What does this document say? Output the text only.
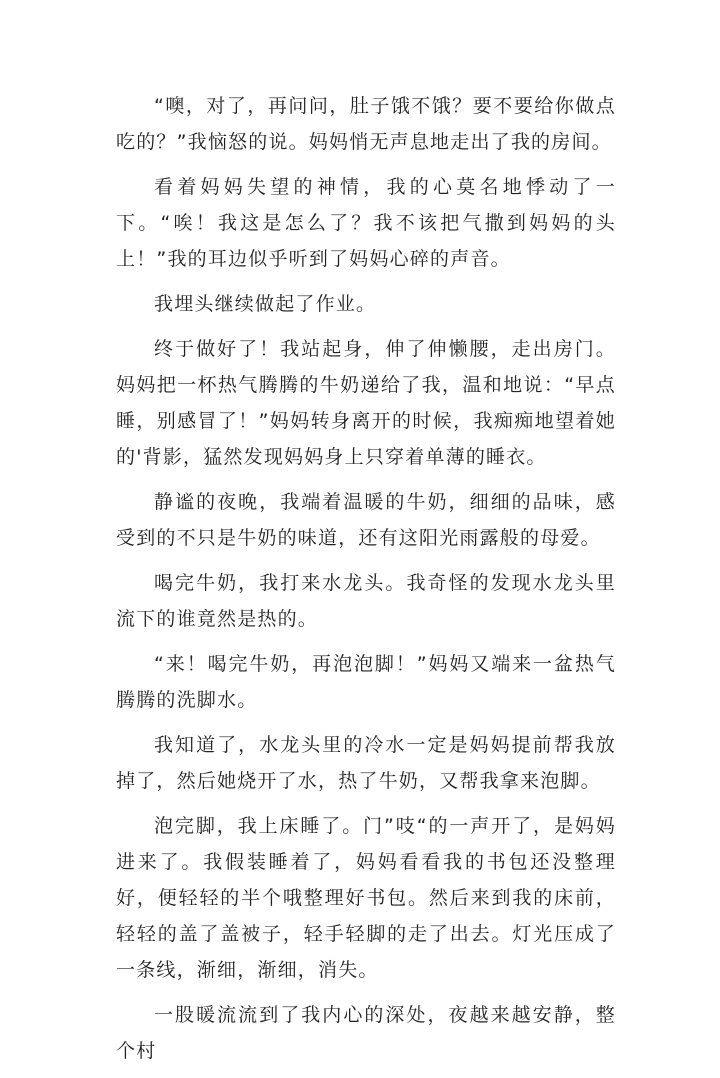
“噢，对了，再问问，肚子饿不饿？要不要给你做点吃的？”我恼怒的说。妈妈悄无声息地走出了我的房间。

看着妈妈失望的神情，我的心莫名地悸动了一下。“唉！我这是怎么了？我不该把气撒到妈妈的头上！”我的耳边似乎听到了妈妈心碎的声音。

我埋头继续做起了作业。

终于做好了！我站起身，伸了伸懒腰，走出房门。妈妈把一杯热气腾腾的牛奶递给了我，温和地说：“早点睡，别感冒了！”妈妈转身离开的时候，我痴痴地望着她的'背影，猛然发现妈妈身上只穿着单薄的睡衣。

静谧的夜晚，我端着温暖的牛奶，细细的品味，感受到的不只是牛奶的味道，还有这阳光雨露般的母爱。

喝完牛奶，我打来水龙头。我奇怪的发现水龙头里流下的谁竟然是热的。

“来！喝完牛奶，再泡泡脚！”妈妈又端来一盆热气腾腾的洗脚水。

我知道了，水龙头里的冷水一定是妈妈提前帮我放掉了，然后她烧开了水，热了牛奶，又帮我拿来泡脚。

泡完脚，我上床睡了。门”吱“的一声开了，是妈妈进来了。我假装睡着了，妈妈看看我的书包还没整理好，便轻轻的半个哦整理好书包。然后来到我的床前，轻轻的盖了盖被子，轻手轻脚的走了出去。灯光压成了一条线，渐细，渐细，消失。

一股暖流流到了我内心的深处，夜越来越安静，整个村
